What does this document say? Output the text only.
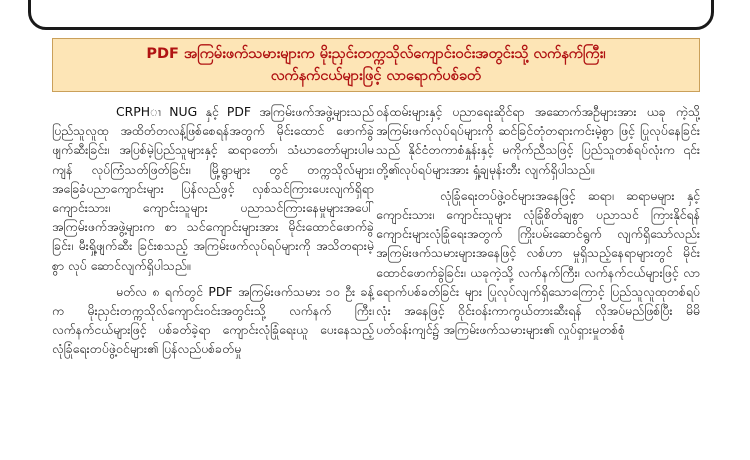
PDF အကြမ်းဖက်သမားများက မိုးညှင်းတက္ကသိုလ်ကျောင်းဝင်းအတွင်းသို့ လက်နက်ကြီး၊
လက်နက်ငယ်များဖြင့် လာရောက်ပစ်ခတ်

CRPHၢ NUG နှင့် PDF အကြမ်းဖက်အဖွဲ့များသည် ပြည်သူလူထု အထိတ်တလန့်ဖြစ်စေရန်အတွက် မိုင်းထောင် ဖောက်ခွဲဖျက်ဆီးခြင်း၊ အပြစ်မဲ့ပြည်သူများနှင့် ဆရာတော်၊ သံဃာတော်များပါမကျန် လုပ်ကြံသတ်ဖြတ်ခြင်း၊ မြို့ရွာများ တွင် တက္ကသိုလ်များ၊ အခြေခံပညာကျောင်းများ ပြန်လည်ဖွင့် လှစ်သင်ကြားပေးလျက်ရှိရာ ကျောင်းသား၊ ကျောင်းသူများ ပညာသင်ကြားနေမှုများအပေါ် အကြမ်းဖက်အဖွဲ့များက စာ သင်ကျောင်းများအား မိုင်းထောင်ဖောက်ခွဲခြင်း၊ မီးရှို့ဖျက်ဆီး ခြင်းစသည့် အကြမ်းဖက်လုပ်ရပ်များကို အသိတရားမဲ့စွာ လုပ် ဆောင်လျက်ရှိပါသည်။

မတ်လ ၈ ရက်တွင် PDF အကြမ်းဖက်သမား ၁၀ ဦး ခန့်က မိုးညှင်းတက္ကသိုလ်ကျောင်းဝင်းအတွင်းသို့ လက်နက် ကြီး၊ လက်နက်ငယ်များဖြင့် ပစ်ခတ်ခဲ့ရာ ကျောင်းလုံခြုံရေးယူ ပေးနေသည့် လုံခြုံရေးတပ်ဖွဲ့ဝင်များ၏ ပြန်လည်ပစ်ခတ်မှု

ဝန်ထမ်းများနှင့် ပညာရေးဆိုင်ရာ အဆောက်အဦများအား ယခု ကဲ့သို့ အကြမ်းဖက်လုပ်ရပ်များကို ဆင်ခြင်တုံတရားကင်းမဲ့စွာ ဖြင့် ပြုလုပ်နေခြင်းသည် နိုင်ငံတကာစံနှုန်းနှင့် မကိုက်ညီသဖြင့် ပြည်သူတစ်ရပ်လုံးက ၎င်းတို့၏လုပ်ရပ်များအား ရှုံ့ချမုန်းတီး လျက်ရှိပါသည်။

လုံခြုံရေးတပ်ဖွဲ့ဝင်များအနေဖြင့် ဆရာ၊ ဆရာမများ နှင့် ကျောင်းသား၊ ကျောင်းသူများ လုံခြုံစိတ်ချစွာ ပညာသင် ကြားနိုင်ရန် ကျောင်းများလုံခြုံရေးအတွက် ကြိုးပမ်းဆောင်ရွက် လျက်ရှိသော်လည်း အကြမ်းဖက်သမားများအနေဖြင့် လစ်ဟာ မှုရှိသည့်နေရာများတွင် မိုင်းထောင်ဖောက်ခွဲခြင်း၊ ယခုကဲ့သို့ လက်နက်ကြီး၊ လက်နက်ငယ်များဖြင့် လာရောက်ပစ်ခတ်ခြင်း များ ပြုလုပ်လျက်ရှိသောကြောင့် ပြည်သူလူထုတစ်ရပ်လုံး အနေဖြင့် ဝိုင်းဝန်းကာကွယ်တားဆီးရန် လိုအပ်မည်ဖြစ်ပြီး မိမိ ပတ်ဝန်းကျင်၌ အကြမ်းဖက်သမားများ၏ လှုပ်ရှားမှုတစ်စုံ
